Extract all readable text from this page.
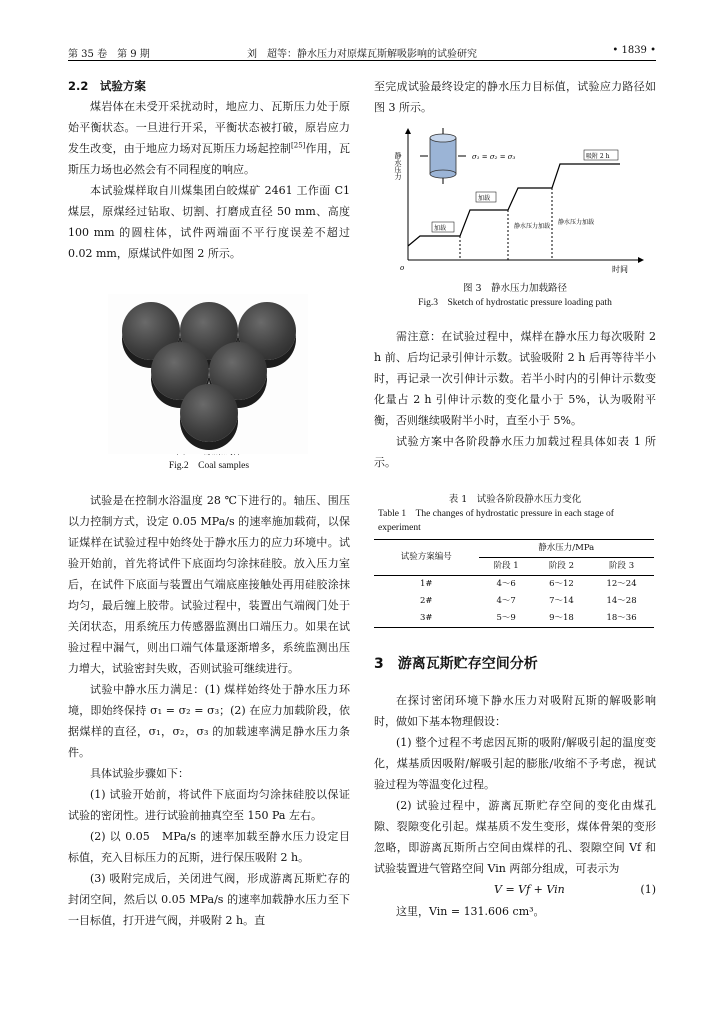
第 35 卷　第 9 期	刘　超等：静水压力对原煤瓦斯解吸影响的试验研究	• 1839 •
2.2　试验方案

煤岩体在未受开采扰动时，地应力、瓦斯压力处于原始平衡状态。一旦进行开采，平衡状态被打破，原岩应力发生改变，由于地应力场对瓦斯压力场起控制[25]作用，瓦斯压力场也必然会有不同程度的响应。

本试验煤样取自川煤集团白皎煤矿 2461 工作面 C1 煤层，原煤经过钻取、切割、打磨成直径 50 mm、高度 100 mm 的圆柱体，试件两端面不平行度误差不超过 0.02 mm，原煤试件如图 2 所示。

Fig.2　Coal samples

试验是在控制水浴温度 28 ℃下进行的。轴压、围压以力控制方式，设定 0.05 MPa/s 的速率施加载荷，以保证煤样在试验过程中始终处于静水压力的应力环境中。试验开始前，首先将试件下底面均匀涂抹硅胶。放入压力室后，在试件下底面与装置出气端底座接触处再用硅胶涂抹均匀，最后缠上胶带。试验过程中，装置出气端阀门处于关闭状态，用系统压力传感器监测出口端压力。如果在试验过程中漏气，则出口端气体量逐渐增多，系统监测出压力增大，试验密封失败，否则试验可继续进行。

试验中静水压力满足：(1) 煤样始终处于静水压力环境，即始终保持 σ₁ = σ₂ = σ₃；(2) 在应力加载阶段，依据煤样的直径，σ₁，σ₂，σ₃ 的加载速率满足静水压力条件。

具体试验步骤如下：

(1) 试验开始前，将试件下底面均匀涂抹硅胶以保证试验的密闭性。进行试验前抽真空至 150 Pa 左右。

(2) 以 0.05　MPa/s 的速率加载至静水压力设定目标值，充入目标压力的瓦斯，进行保压吸附 2 h。

(3) 吸附完成后，关闭进气阀，形成游离瓦斯贮存的封闭空间，然后以 0.05 MPa/s 的速率加载静水压力至下一目标值，打开进气阀，并吸附 2 h。直

至完成试验最终设定的静水压力目标值，试验应力路径如图 3 所示。

图 3　静水压力加载路径
Fig.3　Sketch of hydrostatic pressure loading path

需注意：在试验过程中，煤样在静水压力每次吸附 2 h 前、后均记录引伸计示数。试验吸附 2 h 后再等待半小时，再记录一次引伸计示数。若半小时内的引伸计示数变化量占 2 h 引伸计示数的变化量小于 5%，认为吸附平衡，否则继续吸附半小时，直至小于 5%。

试验方案中各阶段静水压力加载过程具体如表 1 所示。

表 1　试验各阶段静水压力变化
Table 1　The changes of hydrostatic pressure in each stage of experiment
试验方案编号	静水压力/MPa		
	阶段 1	阶段 2	阶段 3
1#	4～6	6～12	12～24
2#	4～7	7～14	14～28
3#	5～9	9～18	18～36
3　游离瓦斯贮存空间分析

在探讨密闭环境下静水压力对吸附瓦斯的解吸影响时，做如下基本物理假设：

(1) 整个过程不考虑因瓦斯的吸附/解吸引起的温度变化，煤基质因吸附/解吸引起的膨胀/收缩不予考虑，视试验过程为等温变化过程。

(2) 试验过程中，游离瓦斯贮存空间的变化由煤孔隙、裂隙变化引起。煤基质不发生变形，煤体骨架的变形忽略，即游离瓦斯所占空间由煤样的孔、裂隙空间 Vf 和试验装置进气管路空间 Vin 两部分组成，可表示为

V = Vf + Vin	(1)

这里，Vin = 131.606 cm³。

静水压力
时间
o
σ₁ = σ₂ = σ₃
加载
加载
吸附 2 h
静水压力加载
静水压力加载
